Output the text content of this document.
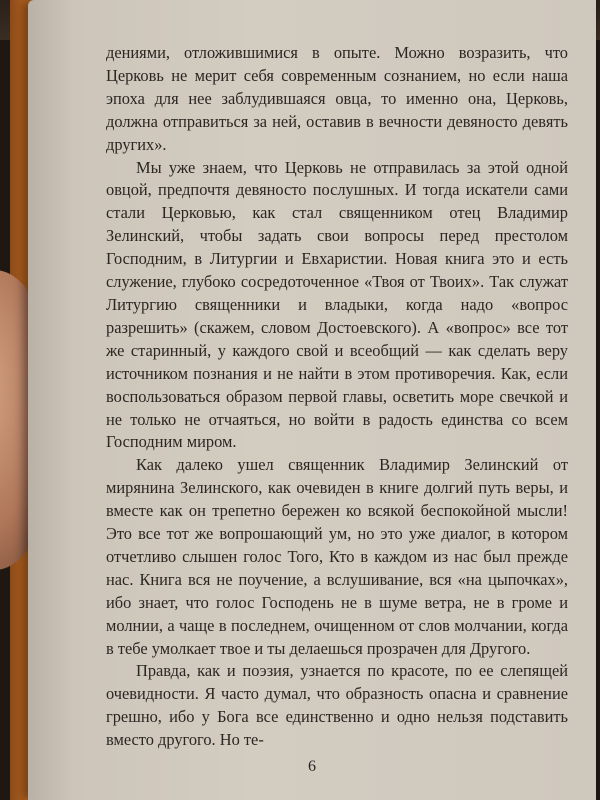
дениями, отложившимися в опыте. Можно возразить, что Церковь не мерит себя современным сознанием, но если наша эпоха для нее заблудившаяся овца, то именно она, Церковь, должна отправиться за ней, оставив в вечности девяносто девять других».

Мы уже знаем, что Церковь не отправилась за этой одной овцой, предпочтя девяносто послушных. И тогда искатели сами стали Церковью, как стал священником отец Владимир Зелинский, чтобы задать свои вопросы перед престолом Господним, в Литургии и Евхаристии. Новая книга это и есть служение, глубоко сосредоточенное «Твоя от Твоих». Так служат Литургию священники и владыки, когда надо «вопрос разрешить» (скажем, словом Достоевского). А «вопрос» все тот же старинный, у каждого свой и всеобщий — как сделать веру источником познания и не найти в этом противоречия. Как, если воспользоваться образом первой главы, осветить море свечкой и не только не отчаяться, но войти в радость единства со всем Господним миром.

Как далеко ушел священник Владимир Зелинский от мирянина Зелинского, как очевиден в книге долгий путь веры, и вместе как он трепетно бережен ко всякой беспокойной мысли! Это все тот же вопрошающий ум, но это уже диалог, в котором отчетливо слышен голос Того, Кто в каждом из нас был прежде нас. Книга вся не поучение, а вслушивание, вся «на цыпочках», ибо знает, что голос Господень не в шуме ветра, не в громе и молнии, а чаще в последнем, очищенном от слов молчании, когда в тебе умолкает твое и ты делаешься прозрачен для Другого.

Правда, как и поэзия, узнается по красоте, по ее слепящей очевидности. Я часто думал, что образность опасна и сравнение грешно, ибо у Бога все единственно и одно нельзя подставить вместо другого. Но те-

6
